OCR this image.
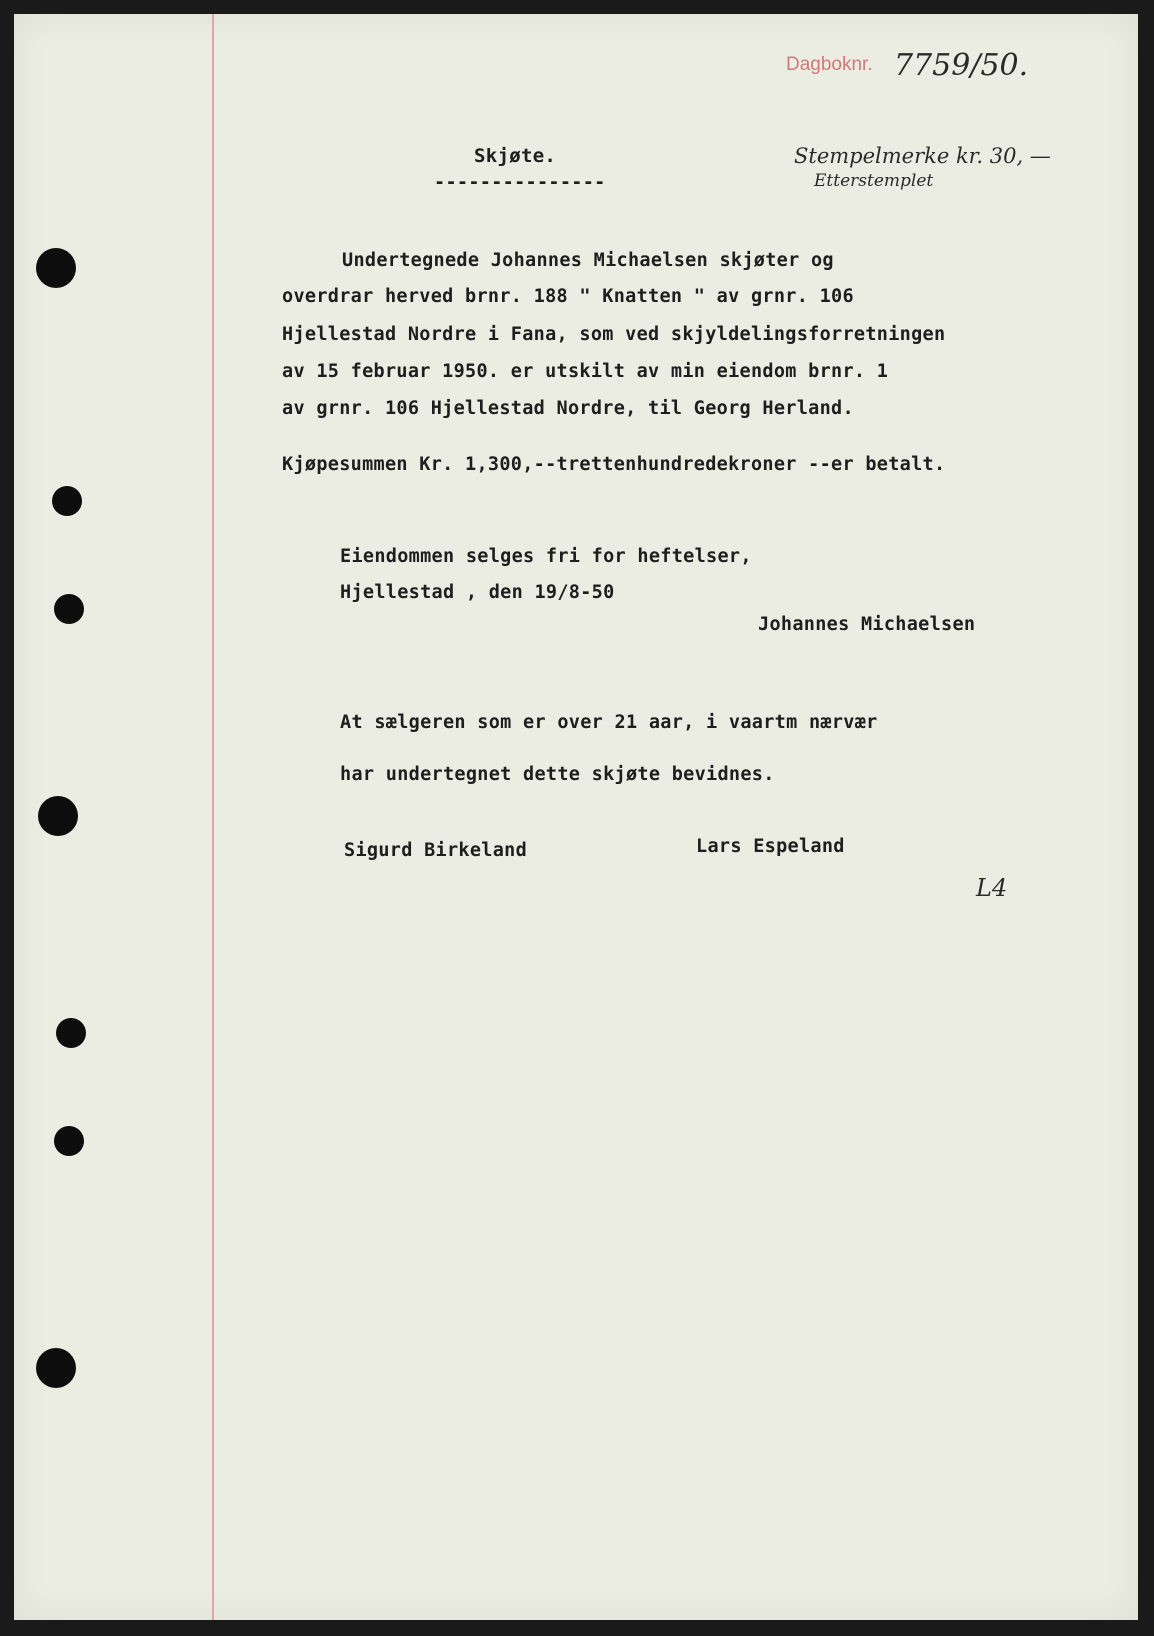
Dagboknr. 7759/50.
Stempelmerke kr. 30, —
Etterstemplet
Skjøte.
---------------
Undertegnede Johannes Michaelsen skjøter og
overdrar herved brnr. 188 " Knatten " av grnr. 106
Hjellestad Nordre i Fana, som ved skjyldelingsforretningen
av 15 februar 1950. er utskilt av min eiendom brnr. 1
av grnr. 106 Hjellestad Nordre, til Georg Herland.
Kjøpesummen Kr. 1,300,--trettenhundredekroner --er betalt.
Eiendommen selges fri for heftelser,
Hjellestad , den 19/8-50
Johannes Michaelsen
At sælgeren som er over 21 aar, i vaartm nærvær
har undertegnet dette skjøte bevidnes.
Sigurd Birkeland	Lars Espeland
L4
